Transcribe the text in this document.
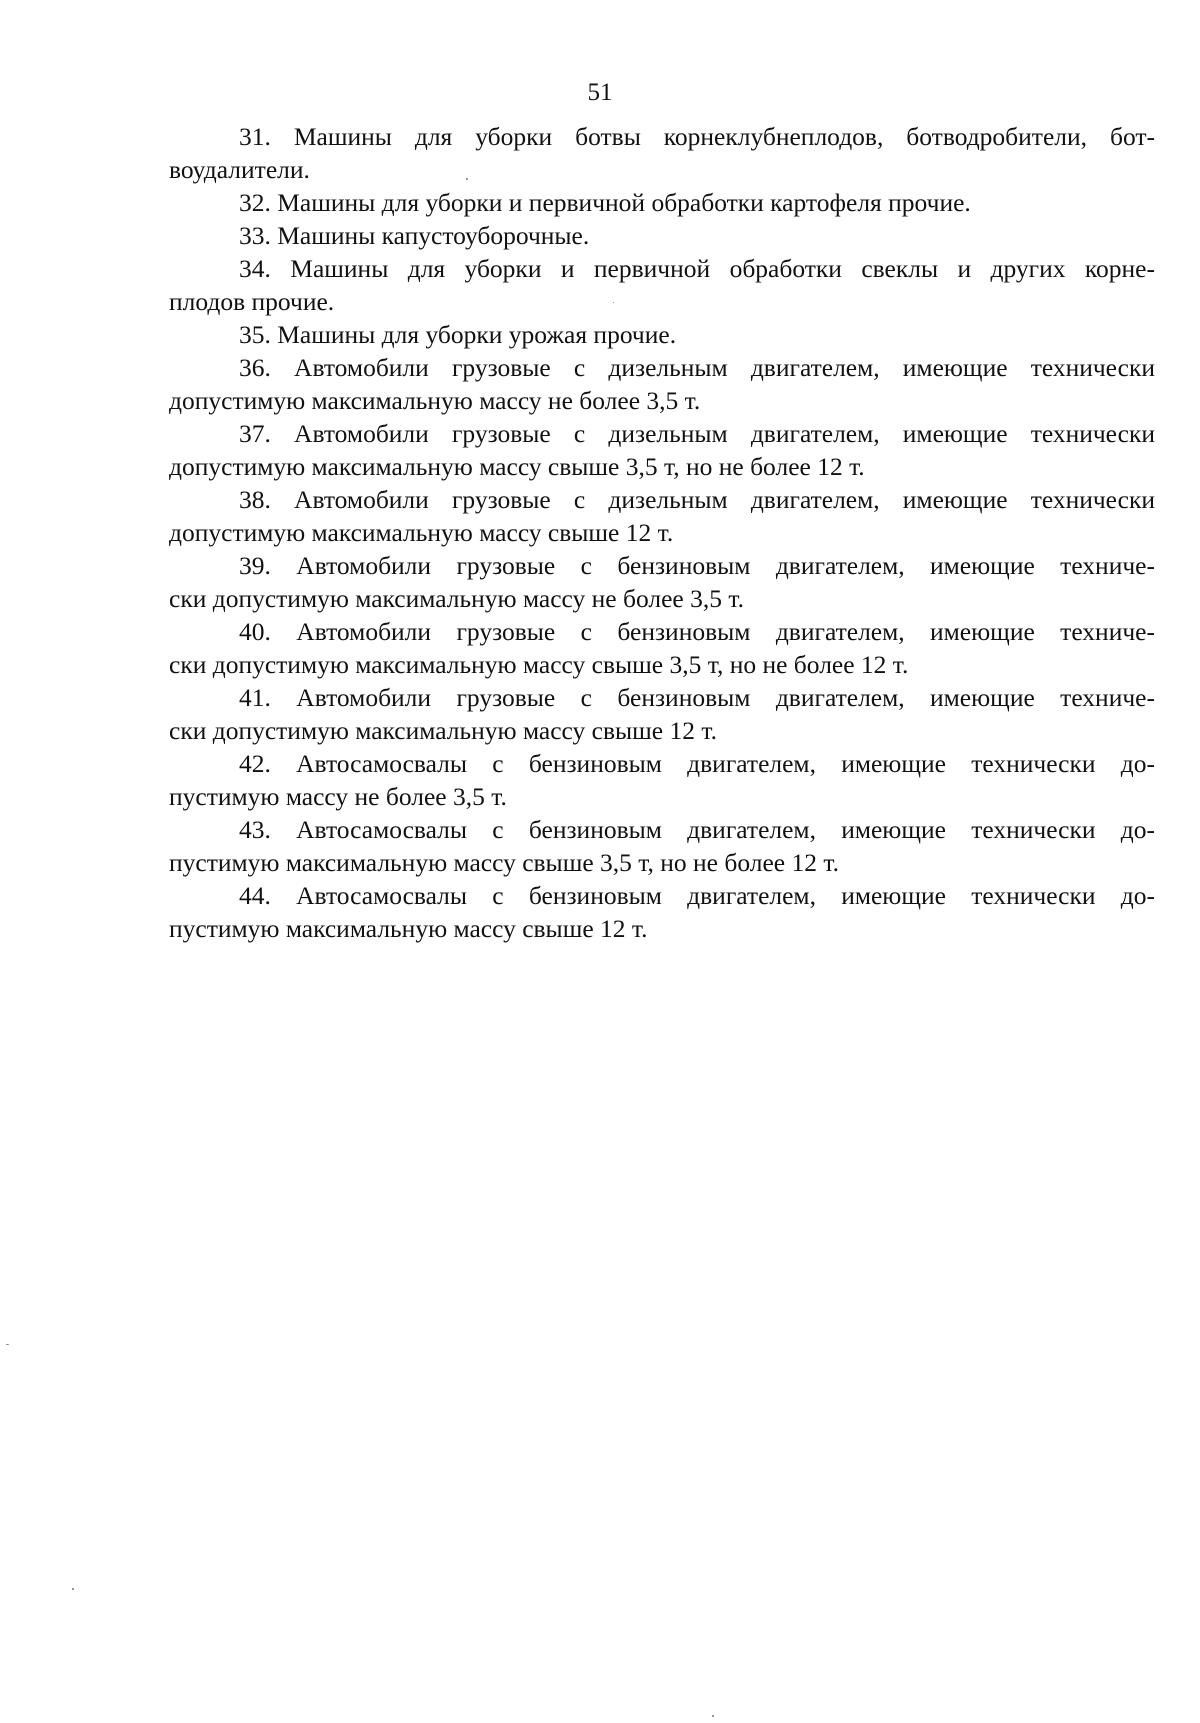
51

31. Машины для уборки ботвы корнеклубнеплодов, ботводробители, бот-
воудалители.

32. Машины для уборки и первичной обработки картофеля прочие.

33. Машины капустоуборочные.

34. Машины для уборки и первичной обработки свеклы и других корне-
плодов прочие.

35. Машины для уборки урожая прочие.

36. Автомобили грузовые с дизельным двигателем, имеющие технически
допустимую максимальную массу не более 3,5 т.

37. Автомобили грузовые с дизельным двигателем, имеющие технически
допустимую максимальную массу свыше 3,5 т, но не более 12 т.

38. Автомобили грузовые с дизельным двигателем, имеющие технически
допустимую максимальную массу свыше 12 т.

39. Автомобили грузовые с бензиновым двигателем, имеющие техниче-
ски допустимую максимальную массу не более 3,5 т.

40. Автомобили грузовые с бензиновым двигателем, имеющие техниче-
ски допустимую максимальную массу свыше 3,5 т, но не более 12 т.

41. Автомобили грузовые с бензиновым двигателем, имеющие техниче-
ски допустимую максимальную массу свыше 12 т.

42. Автосамосвалы с бензиновым двигателем, имеющие технически до-
пустимую массу не более 3,5 т.

43. Автосамосвалы с бензиновым двигателем, имеющие технически до-
пустимую максимальную массу свыше 3,5 т, но не более 12 т.

44. Автосамосвалы с бензиновым двигателем, имеющие технически до-
пустимую максимальную массу свыше 12 т.
